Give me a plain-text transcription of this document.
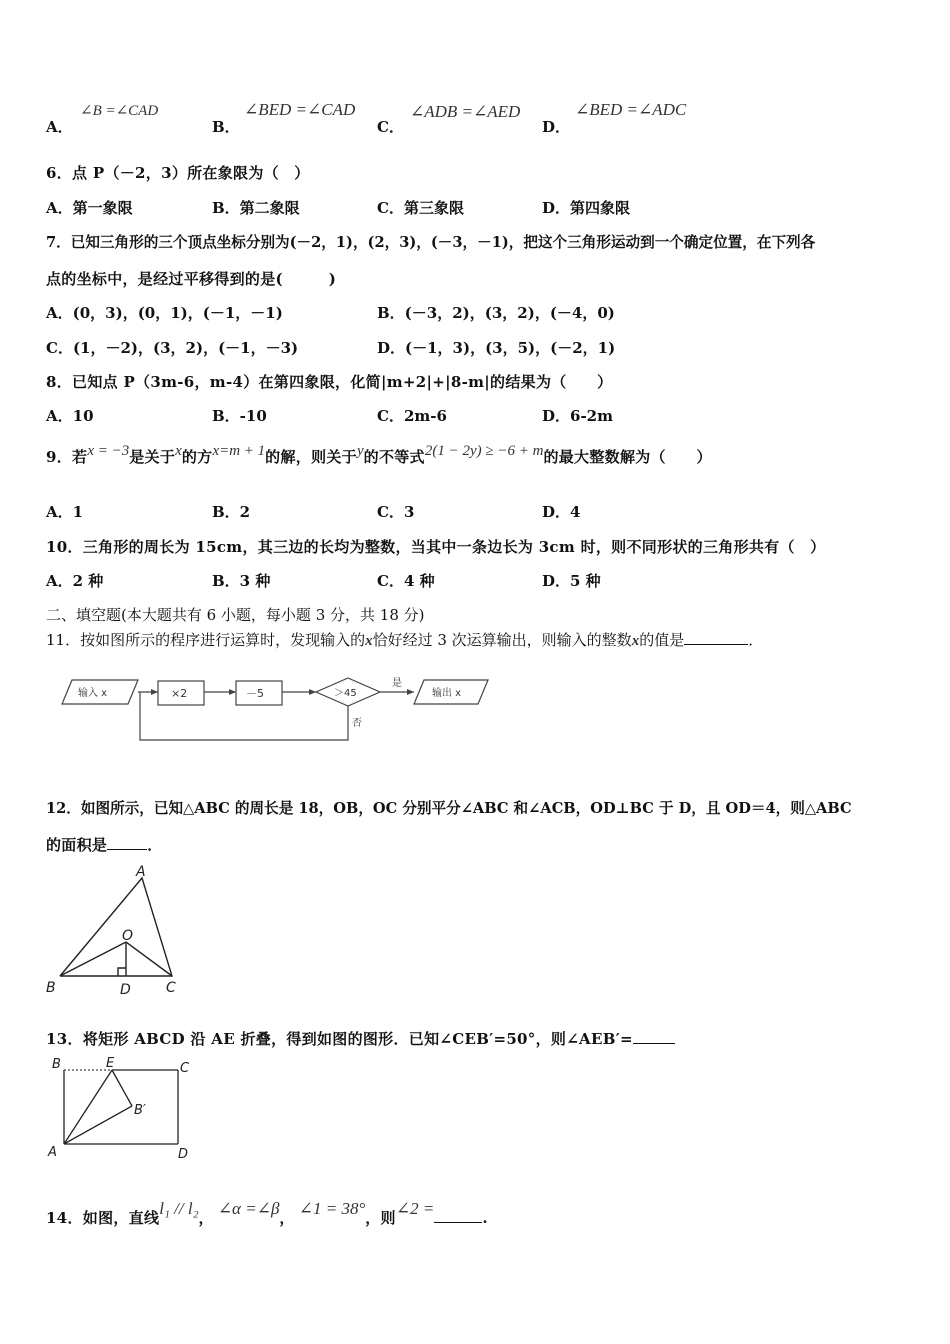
A．
∠B =∠CAD
B．
∠BED =∠CAD
C．
∠ADB =∠AED
D．
∠BED =∠ADC
6．点 P（－2，3）所在象限为（　）
A．第一象限	B．第二象限	C．第三象限	D．第四象限
7．已知三角形的三个顶点坐标分别为(－2，1)，(2，3)，(－3，－1)，把这个三角形运动到一个确定位置，在下列各
点的坐标中，是经过平移得到的是(　　　)
A．(0，3)，(0，1)，(－1，－1)	B．(－3，2)，(3，2)，(－4，0)
C．(1，－2)，(3，2)，(－1，－3)	D．(－1，3)，(3，5)，(－2，1)
8．已知点 P（3m-6，m-4）在第四象限，化简|m+2|+|8-m|的结果为（　　）
A．10	B．-10	C．2m-6	D．6-2m
9．若x = −3是关于x的方x=m + 1的解，则关于y的不等式2(1 − 2y) ≥ −6 + m的最大整数解为（　　）
A．1	B．2	C．3	D．4
10．三角形的周长为 15cm，其三边的长均为整数，当其中一条边长为 3cm 时，则不同形状的三角形共有（　）
A．2 种	B．3 种	C．4 种	D．5 种
二、填空题(本大题共有 6 小题，每小题 3 分，共 18 分)
11．按如图所示的程序进行运算时，发现输入的x恰好经过 3 次运算输出，则输入的整数x的值是	．
输入 x	×2	－5	＞45
是
否
输出 x
12．如图所示，已知△ABC 的周长是 18，OB，OC 分别平分∠ABC 和∠ACB，OD⊥BC 于 D，且 OD＝4，则△ABC
的面积是	．
A
O
B	D	C
13．将矩形 ABCD 沿 AE 折叠，得到如图的图形．已知∠CEB′=50°，则∠AEB′=
B	E	C
B′
A	D
14．如图，直线l₁ // l₂， ∠α =∠β， ∠1 = 38°，则∠2 =	.
